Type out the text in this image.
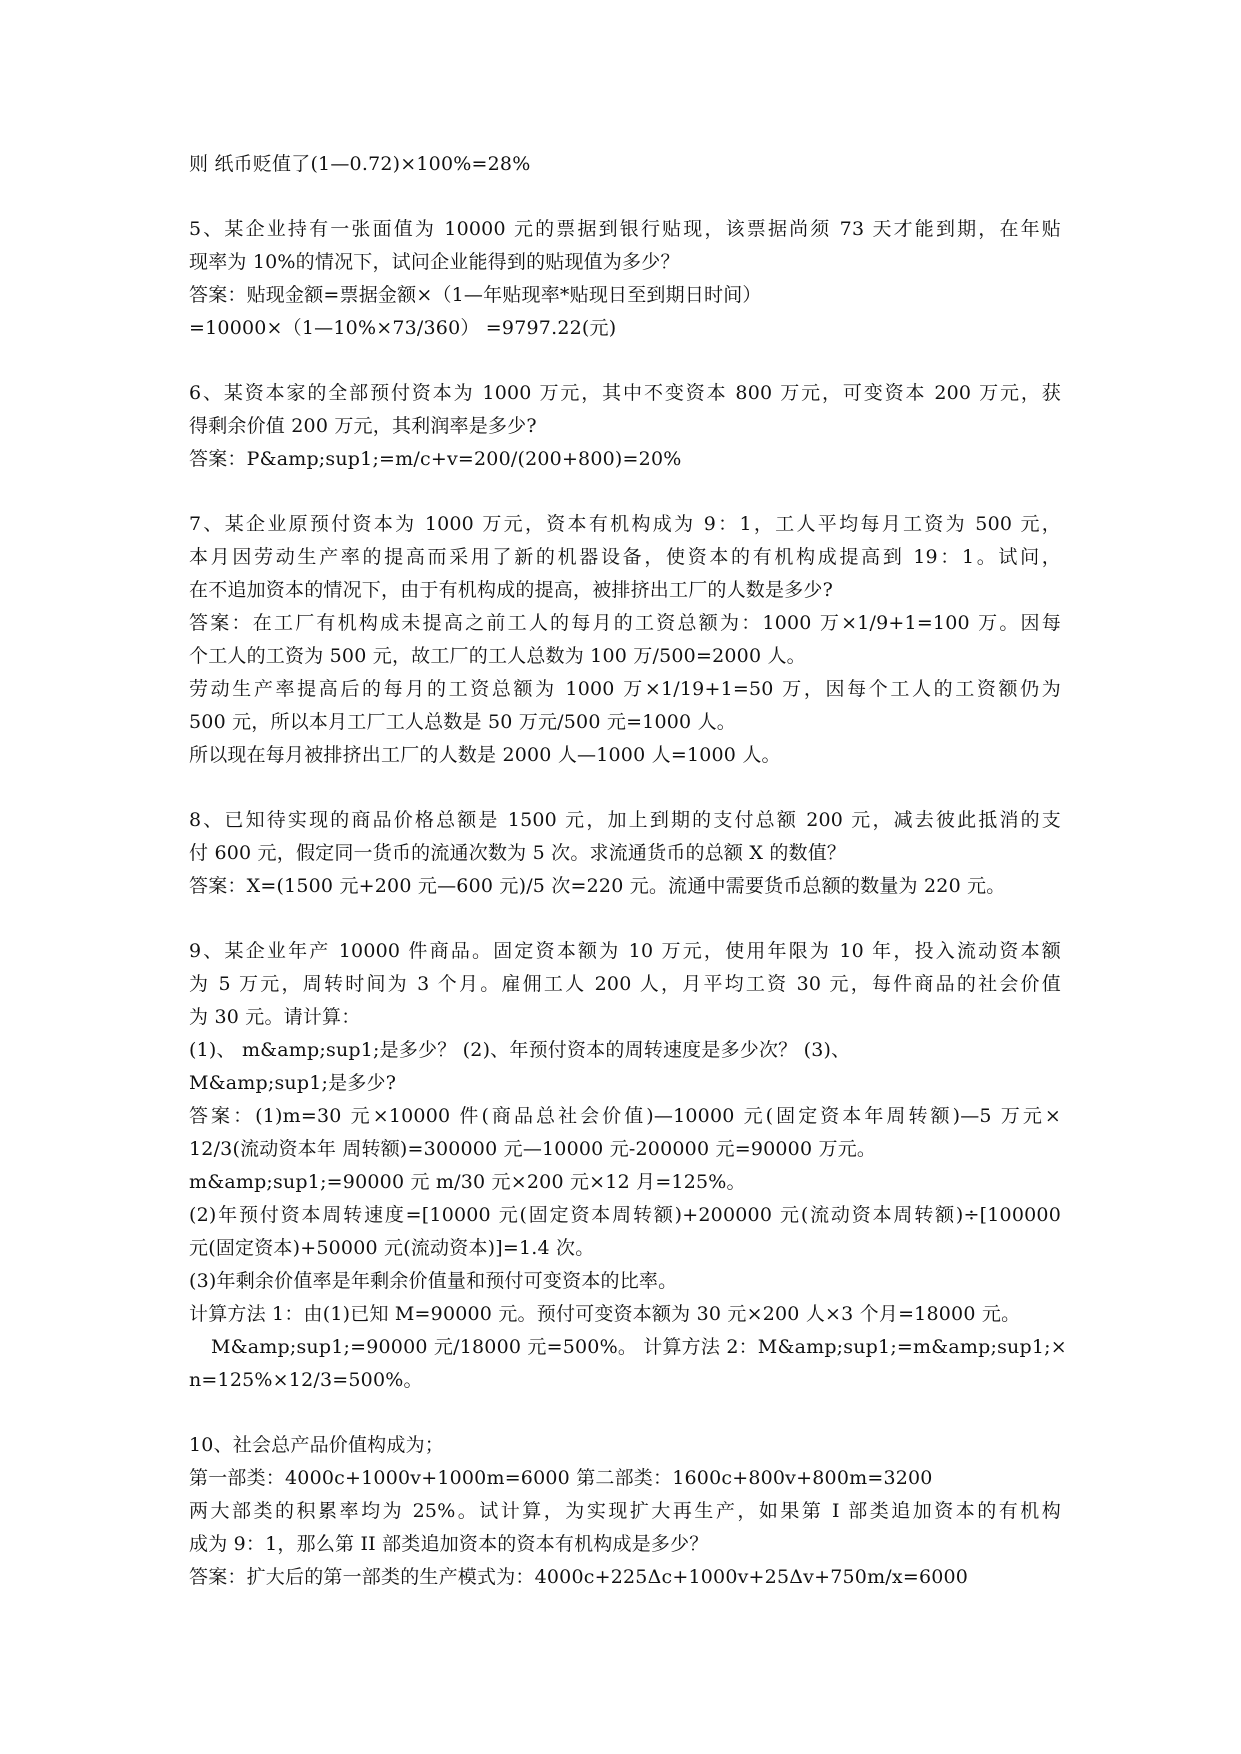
则 纸币贬值了(1—0.72)×100%=28%
5、某企业持有一张面值为 10000 元的票据到银行贴现，该票据尚须 73 天才能到期，在年贴
现率为 10%的情况下，试问企业能得到的贴现值为多少？
答案：贴现金额=票据金额×（1—年贴现率*贴现日至到期日时间）
=10000×（1—10%×73/360） =9797.22(元)
6、某资本家的全部预付资本为 1000 万元，其中不变资本 800 万元，可变资本 200 万元，获
得剩余价值 200 万元，其利润率是多少?
答案：P&amp;sup1;=m/c+v=200/(200+800)=20%
7、某企业原预付资本为 1000 万元，资本有机构成为 9：1，工人平均每月工资为 500 元，
本月因劳动生产率的提高而采用了新的机器设备，使资本的有机构成提高到 19：1。试问，
在不追加资本的情况下，由于有机构成的提高，被排挤出工厂的人数是多少?
答案：在工厂有机构成未提高之前工人的每月的工资总额为：1000 万×1/9+1=100 万。因每
个工人的工资为 500 元，故工厂的工人总数为 100 万/500=2000 人。
劳动生产率提高后的每月的工资总额为 1000 万×1/19+1=50 万，因每个工人的工资额仍为
500 元，所以本月工厂工人总数是 50 万元/500 元=1000 人。
所以现在每月被排挤出工厂的人数是 2000 人—1000 人=1000 人。
8、已知待实现的商品价格总额是 1500 元，加上到期的支付总额 200 元，减去彼此抵消的支
付 600 元，假定同一货币的流通次数为 5 次。求流通货币的总额 X 的数值？
答案：X=(1500 元+200 元—600 元)/5 次=220 元。流通中需要货币总额的数量为 220 元。
9、某企业年产 10000 件商品。固定资本额为 10 万元，使用年限为 10 年，投入流动资本额
为 5 万元，周转时间为 3 个月。雇佣工人 200 人，月平均工资 30 元，每件商品的社会价值
为 30 元。请计算：
(1)、 m&amp;sup1;是多少？ (2)、年预付资本的周转速度是多少次？ (3)、
M&amp;sup1;是多少?
答案：(1)m=30 元×10000 件(商品总社会价值)—10000 元(固定资本年周转额)—5 万元×
12/3(流动资本年 周转额)=300000 元—10000 元-200000 元=90000 万元。
m&amp;sup1;=90000 元 m/30 元×200 元×12 月=125%。
(2)年预付资本周转速度=[10000 元(固定资本周转额)+200000 元(流动资本周转额)÷[100000
元(固定资本)+50000 元(流动资本)]=1.4 次。
(3)年剩余价值率是年剩余价值量和预付可变资本的比率。
计算方法 1：由(1)已知 M=90000 元。预付可变资本额为 30 元×200 人×3 个月=18000 元。
M&amp;sup1;=90000 元/18000 元=500%。 计算方法 2：M&amp;sup1;=m&amp;sup1;×
n=125%×12/3=500%。
10、社会总产品价值构成为；
第一部类：4000c+1000v+1000m=6000 第二部类：1600c+800v+800m=3200
两大部类的积累率均为 25%。试计算，为实现扩大再生产，如果第 I 部类追加资本的有机构
成为 9：1，那么第 II 部类追加资本的资本有机构成是多少？
答案：扩大后的第一部类的生产模式为：4000c+225Δc+1000v+25Δv+750m/x=6000
